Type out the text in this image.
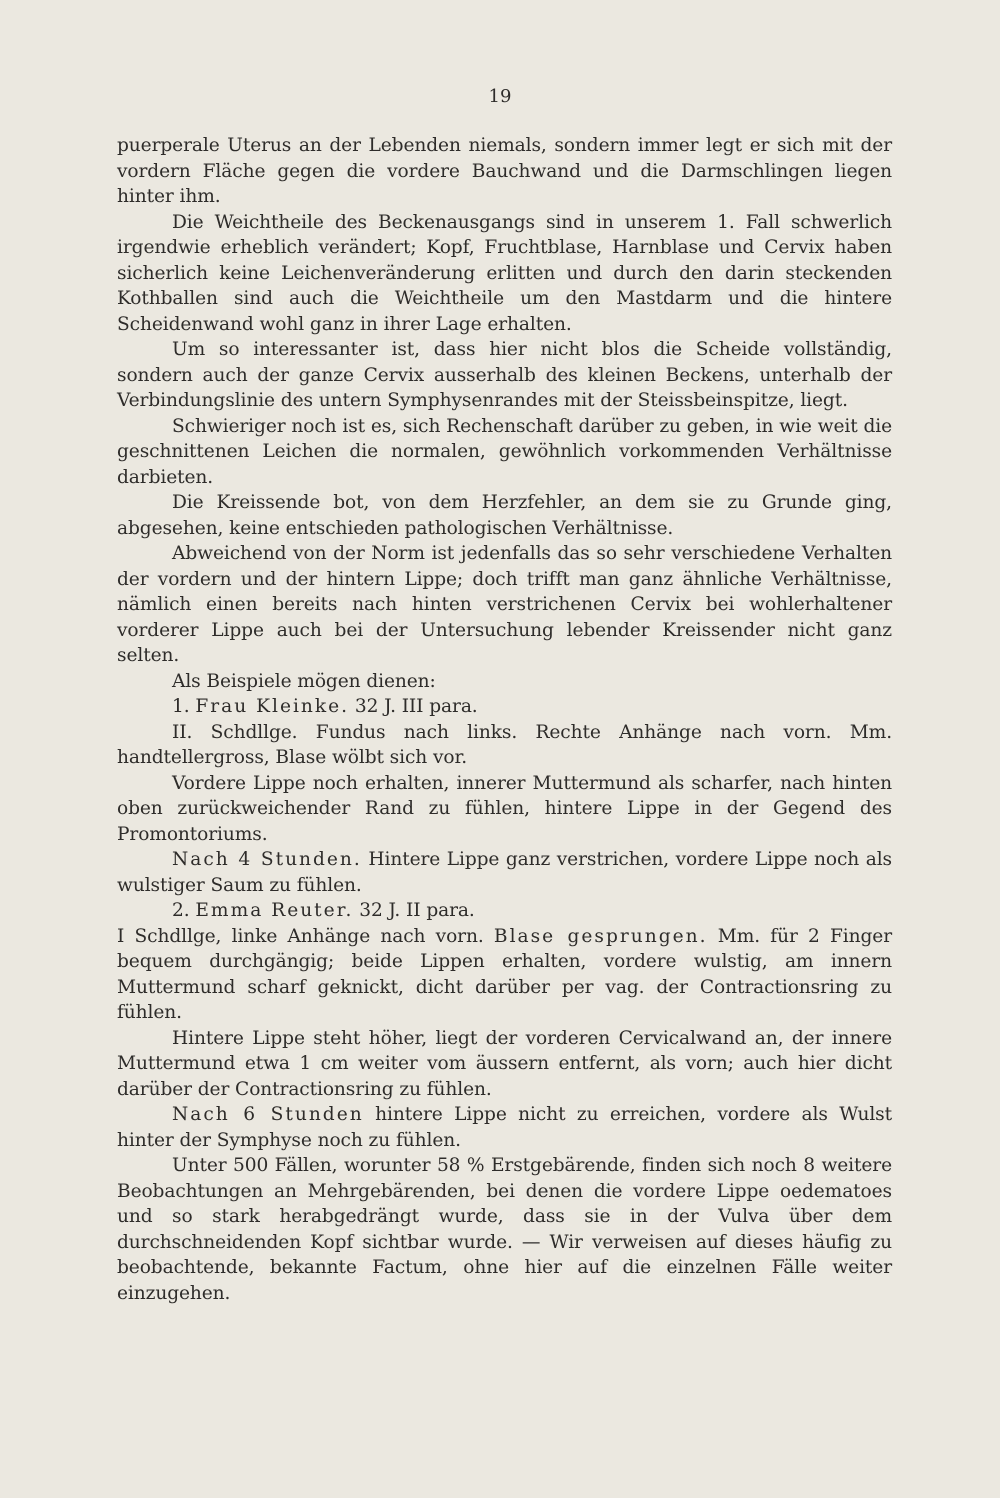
19

puerperale Uterus an der Lebenden niemals, sondern immer legt er sich mit der vordern Fläche gegen die vordere Bauchwand und die Darmschlingen liegen hinter ihm.

Die Weichtheile des Beckenausgangs sind in unserem 1. Fall schwerlich irgendwie erheblich verändert; Kopf, Fruchtblase, Harnblase und Cervix haben sicherlich keine Leichenveränderung erlitten und durch den darin steckenden Kothballen sind auch die Weichtheile um den Mastdarm und die hintere Scheidenwand wohl ganz in ihrer Lage erhalten.

Um so interessanter ist, dass hier nicht blos die Scheide vollständig, sondern auch der ganze Cervix ausserhalb des kleinen Beckens, unterhalb der Verbindungslinie des untern Symphysenrandes mit der Steissbeinspitze, liegt.

Schwieriger noch ist es, sich Rechenschaft darüber zu geben, in wie weit die geschnittenen Leichen die normalen, gewöhnlich vorkommenden Verhältnisse darbieten.

Die Kreissende bot, von dem Herzfehler, an dem sie zu Grunde ging, abgesehen, keine entschieden pathologischen Verhältnisse.

Abweichend von der Norm ist jedenfalls das so sehr verschiedene Verhalten der vordern und der hintern Lippe; doch trifft man ganz ähnliche Verhältnisse, nämlich einen bereits nach hinten verstrichenen Cervix bei wohlerhaltener vorderer Lippe auch bei der Untersuchung lebender Kreissender nicht ganz selten.

Als Beispiele mögen dienen:

1. Frau Kleinke. 32 J. III para.

II. Schdllge. Fundus nach links. Rechte Anhänge nach vorn. Mm. handtellergross, Blase wölbt sich vor.

Vordere Lippe noch erhalten, innerer Muttermund als scharfer, nach hinten oben zurückweichender Rand zu fühlen, hintere Lippe in der Gegend des Promontoriums.

Nach 4 Stunden. Hintere Lippe ganz verstrichen, vordere Lippe noch als wulstiger Saum zu fühlen.

2. Emma Reuter. 32 J. II para.

I Schdllge, linke Anhänge nach vorn. Blase gesprungen. Mm. für 2 Finger bequem durchgängig; beide Lippen erhalten, vordere wulstig, am innern Muttermund scharf geknickt, dicht darüber per vag. der Contractionsring zu fühlen.

Hintere Lippe steht höher, liegt der vorderen Cervicalwand an, der innere Muttermund etwa 1 cm weiter vom äussern entfernt, als vorn; auch hier dicht darüber der Contractionsring zu fühlen.

Nach 6 Stunden hintere Lippe nicht zu erreichen, vordere als Wulst hinter der Symphyse noch zu fühlen.

Unter 500 Fällen, worunter 58 % Erstgebärende, finden sich noch 8 weitere Beobachtungen an Mehrgebärenden, bei denen die vordere Lippe oedematoes und so stark herabgedrängt wurde, dass sie in der Vulva über dem durchschneidenden Kopf sichtbar wurde. — Wir verweisen auf dieses häufig zu beobachtende, bekannte Factum, ohne hier auf die einzelnen Fälle weiter einzugehen.
